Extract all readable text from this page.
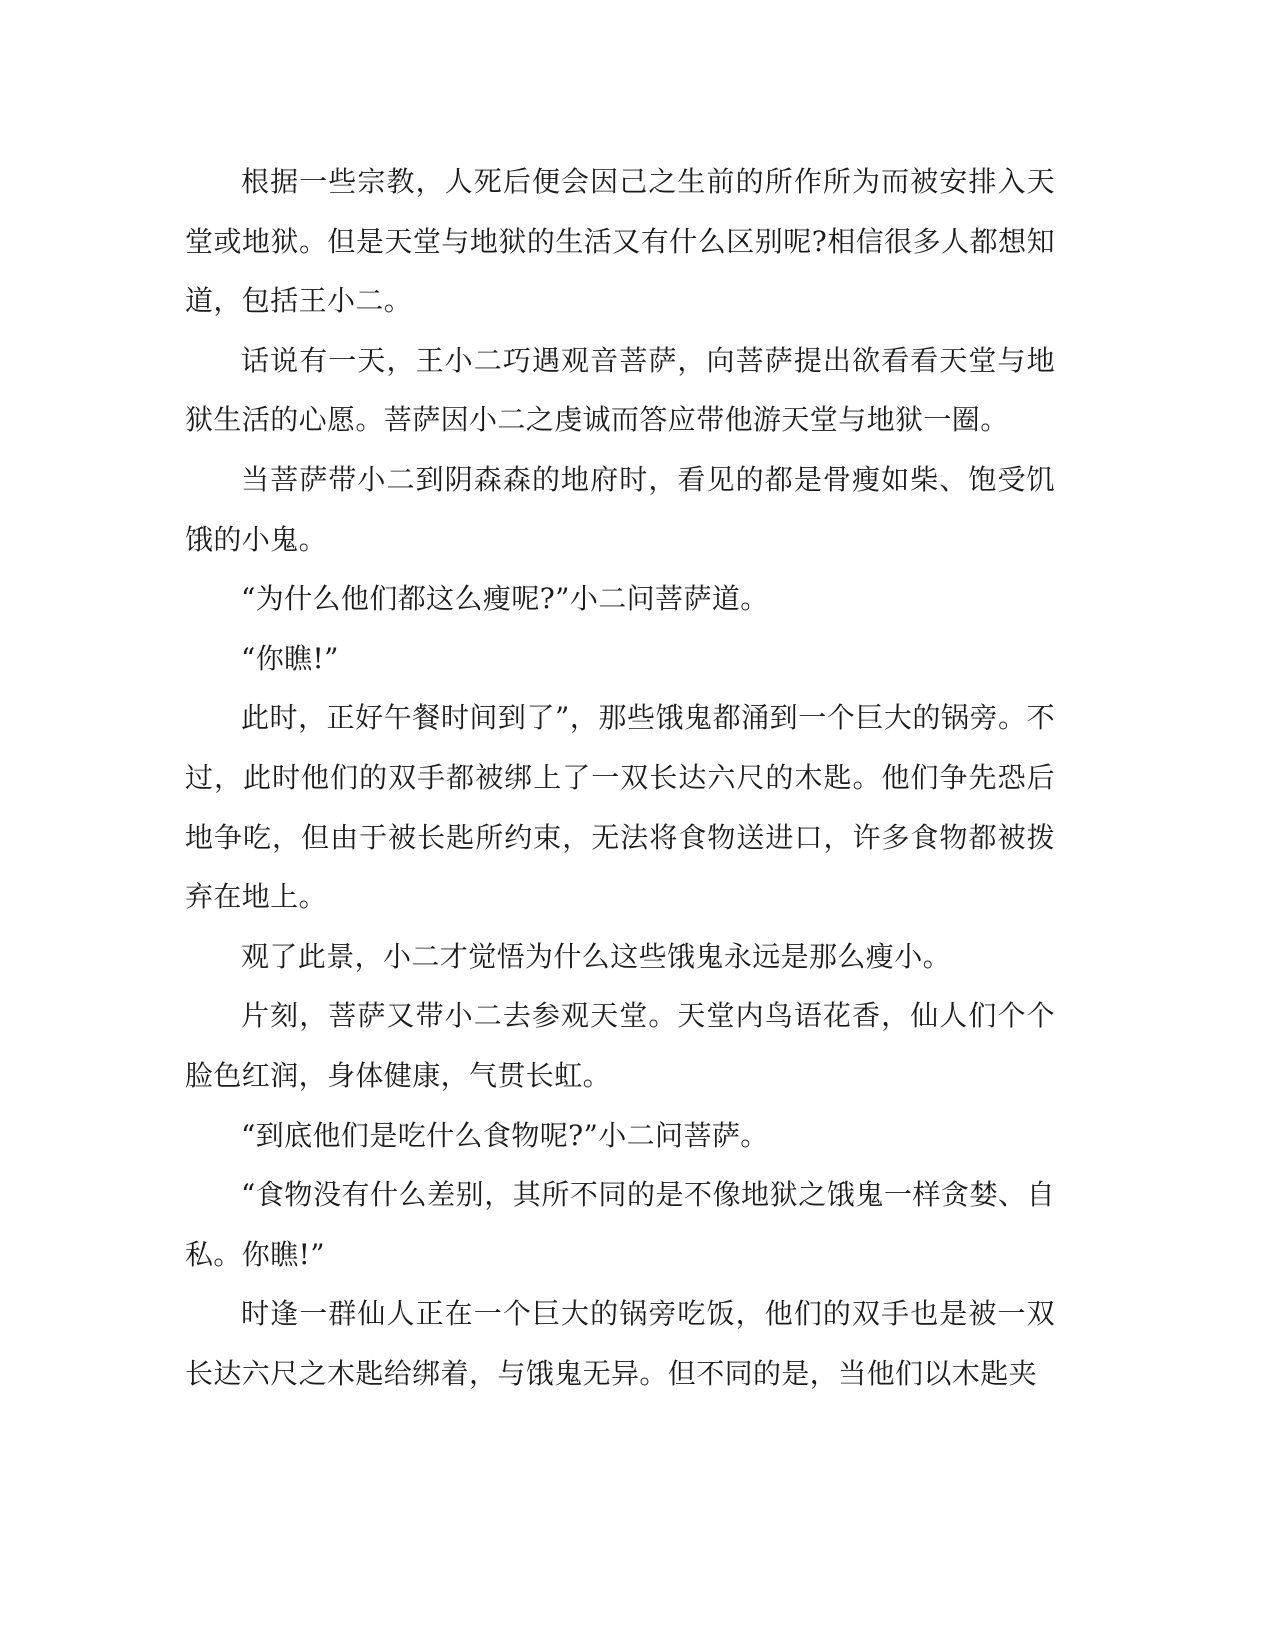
根据一些宗教，人死后便会因己之生前的所作所为而被安排入天堂或地狱。但是天堂与地狱的生活又有什么区别呢?相信很多人都想知道，包括王小二。

话说有一天，王小二巧遇观音菩萨，向菩萨提出欲看看天堂与地狱生活的心愿。菩萨因小二之虔诚而答应带他游天堂与地狱一圈。

当菩萨带小二到阴森森的地府时，看见的都是骨瘦如柴、饱受饥饿的小鬼。

“为什么他们都这么瘦呢?”小二问菩萨道。

“你瞧!”

此时，正好午餐时间到了”，那些饿鬼都涌到一个巨大的锅旁。不过，此时他们的双手都被绑上了一双长达六尺的木匙。他们争先恐后地争吃，但由于被长匙所约束，无法将食物送进口，许多食物都被拨弃在地上。

观了此景，小二才觉悟为什么这些饿鬼永远是那么瘦小。

片刻，菩萨又带小二去参观天堂。天堂内鸟语花香，仙人们个个脸色红润，身体健康，气贯长虹。

“到底他们是吃什么食物呢?”小二问菩萨。

“食物没有什么差别，其所不同的是不像地狱之饿鬼一样贪婪、自私。你瞧!”

时逢一群仙人正在一个巨大的锅旁吃饭，他们的双手也是被一双长达六尺之木匙给绑着，与饿鬼无异。但不同的是，当他们以木匙夹
